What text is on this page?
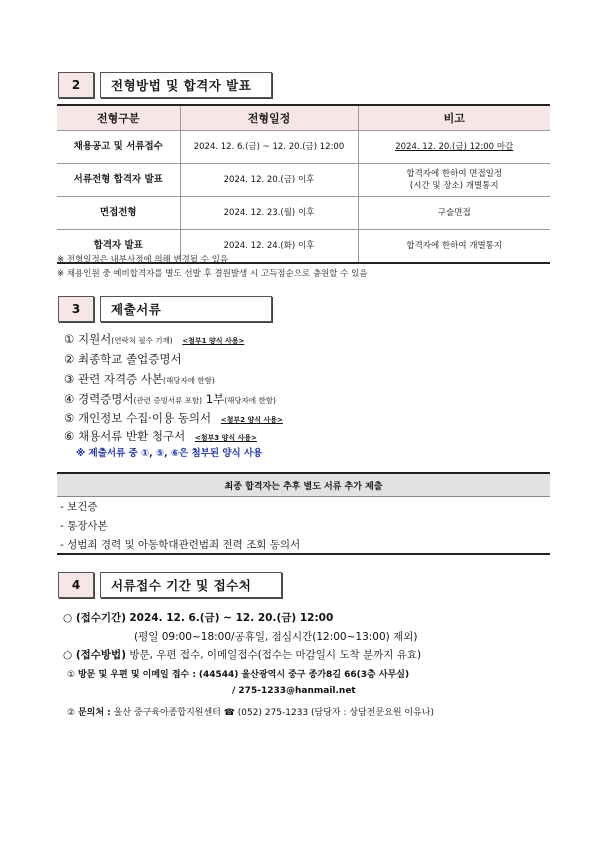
2	전형방법 및 합격자 발표
전형구분	전형일정	비고
채용공고 및 서류접수	2024. 12. 6.(금) ~ 12. 20.(금) 12:00	2024. 12. 20.(금) 12:00 마감
서류전형 합격자 발표	2024. 12. 20.(금) 이후	합격자에 한하여 면접일정
(시간 및 장소) 개별통지

면접전형	2024. 12. 23.(월) 이후	구술면접
합격자 발표	2024. 12. 24.(화) 이후	합격자에 한하여 개별통지
※ 전형일정은 내부사정에 의해 변경될 수 있음
※ 채용인원 중 예비합격자를 별도 선발 후 결원발생 시 고득점순으로 충원할 수 있음
3	제출서류
① 지원서(연락처 필수 기재) <첨부1 양식 사용>
② 최종학교 졸업증명서
③ 관련 자격증 사본(해당자에 한함)
④ 경력증명서(관련 증빙서류 포함) 1부(해당자에 한함)
⑤ 개인정보 수집·이용 동의서 <첨부2 양식 사용>
⑥ 채용서류 반환 청구서 <첨부3 양식 사용>
※ 제출서류 중 ①, ⑤, ⑥은 첨부된 양식 사용
최종 합격자는 추후 별도 서류 추가 제출
- 보건증
- 통장사본
- 성범죄 경력 및 아동학대관련범죄 전력 조회 동의서
4	서류접수 기간 및 접수처
○ (접수기간) 2024. 12. 6.(금) ~ 12. 20.(금) 12:00
(평일 09:00~18:00/공휴일, 점심시간(12:00~13:00) 제외)
○ (접수방법) 방문, 우편 접수, 이메일접수(접수는 마감일시 도착 분까지 유효)
① 방문 및 우편 및 이메일 접수 : (44544) 울산광역시 중구 종가8길 66(3층 사무실)
/ 275-1233@hanmail.net
② 문의처 : 울산 중구육아종합지원센터 ☎ (052) 275-1233 (담당자 : 상담전문요원 이유나)
